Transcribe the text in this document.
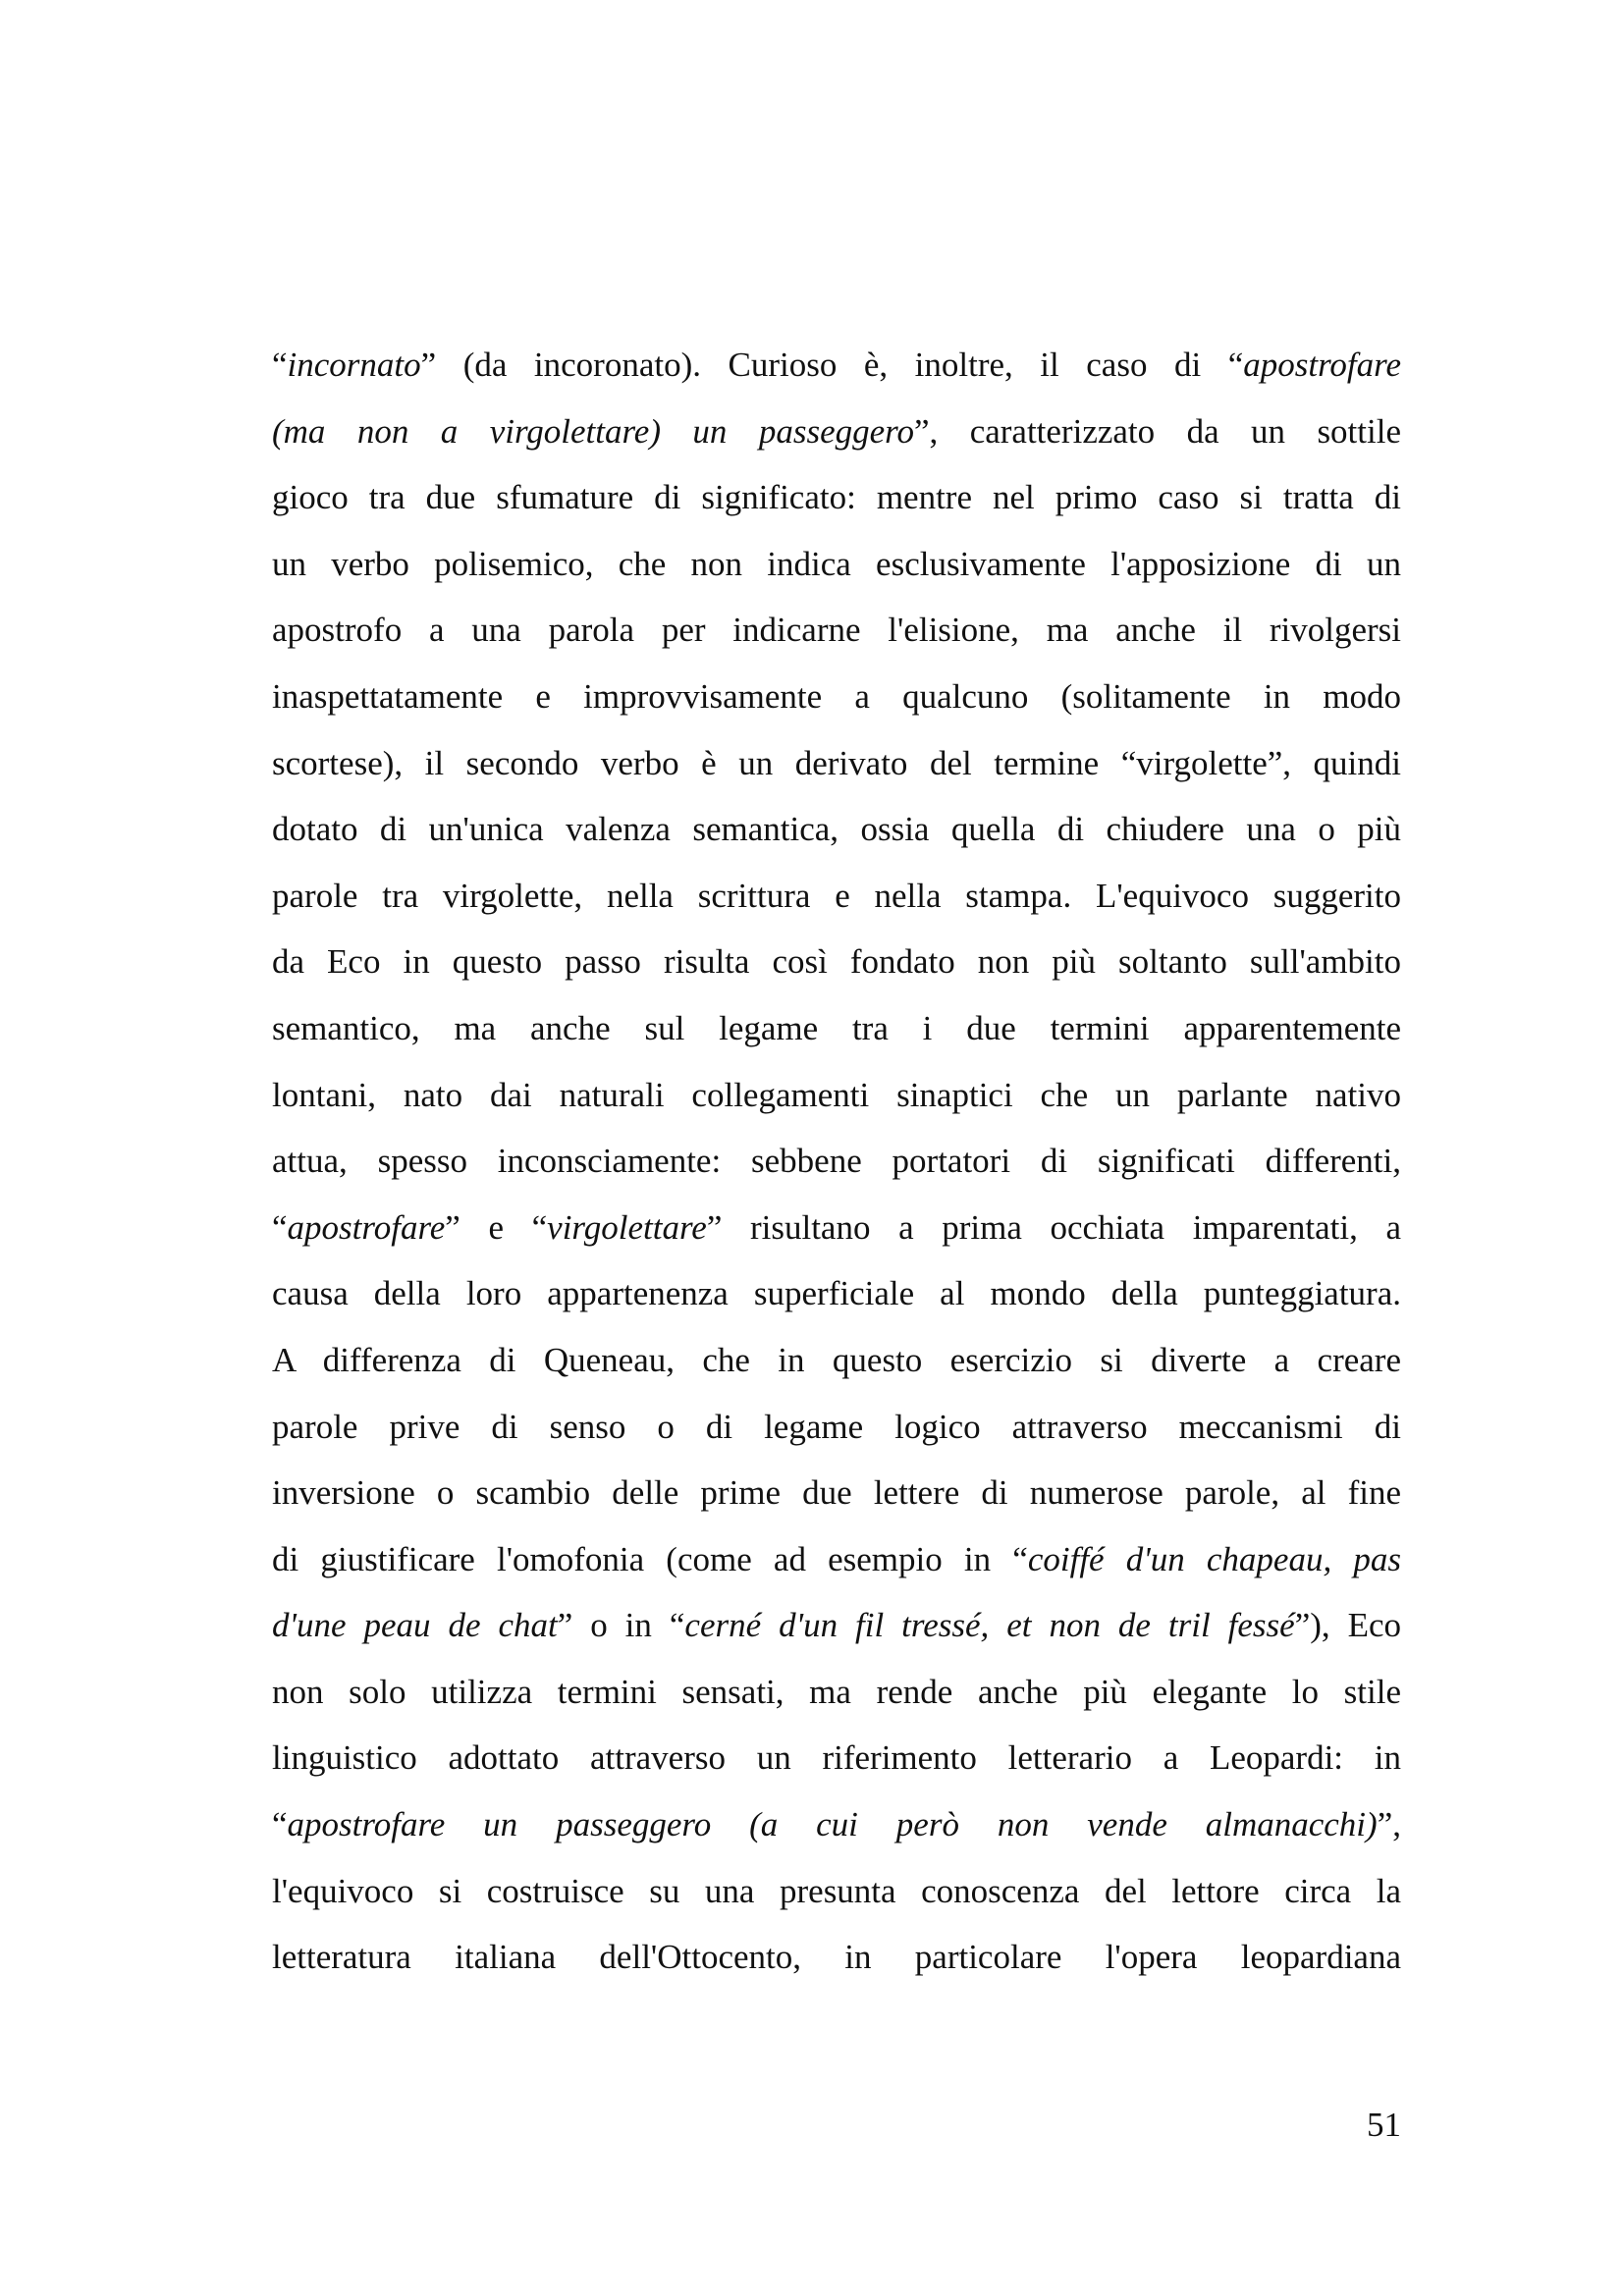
“incornato” (da incoronato). Curioso è, inoltre, il caso di “apostrofare
(ma non a virgolettare) un passeggero”, caratterizzato da un sottile
gioco tra due sfumature di significato: mentre nel primo caso si tratta di
un verbo polisemico, che non indica esclusivamente l'apposizione di un
apostrofo a una parola per indicarne l'elisione, ma anche il rivolgersi
inaspettatamente e improvvisamente a qualcuno (solitamente in modo
scortese), il secondo verbo è un derivato del termine “virgolette”, quindi
dotato di un'unica valenza semantica, ossia quella di chiudere una o più
parole tra virgolette, nella scrittura e nella stampa. L'equivoco suggerito
da Eco in questo passo risulta così fondato non più soltanto sull'ambito
semantico, ma anche sul legame tra i due termini apparentemente
lontani, nato dai naturali collegamenti sinaptici che un parlante nativo
attua, spesso inconsciamente: sebbene portatori di significati differenti,
“apostrofare” e “virgolettare” risultano a prima occhiata imparentati, a
causa della loro appartenenza superficiale al mondo della punteggiatura.
A differenza di Queneau, che in questo esercizio si diverte a creare
parole prive di senso o di legame logico attraverso meccanismi di
inversione o scambio delle prime due lettere di numerose parole, al fine
di giustificare l'omofonia (come ad esempio in “coiffé d'un chapeau, pas
d'une peau de chat” o in “cerné d'un fil tressé, et non de tril fessé”), Eco
non solo utilizza termini sensati, ma rende anche più elegante lo stile
linguistico adottato attraverso un riferimento letterario a Leopardi: in
“apostrofare un passeggero (a cui però non vende almanacchi)”,
l'equivoco si costruisce su una presunta conoscenza del lettore circa la
letteratura italiana dell'Ottocento, in particolare l'opera leopardiana
51
